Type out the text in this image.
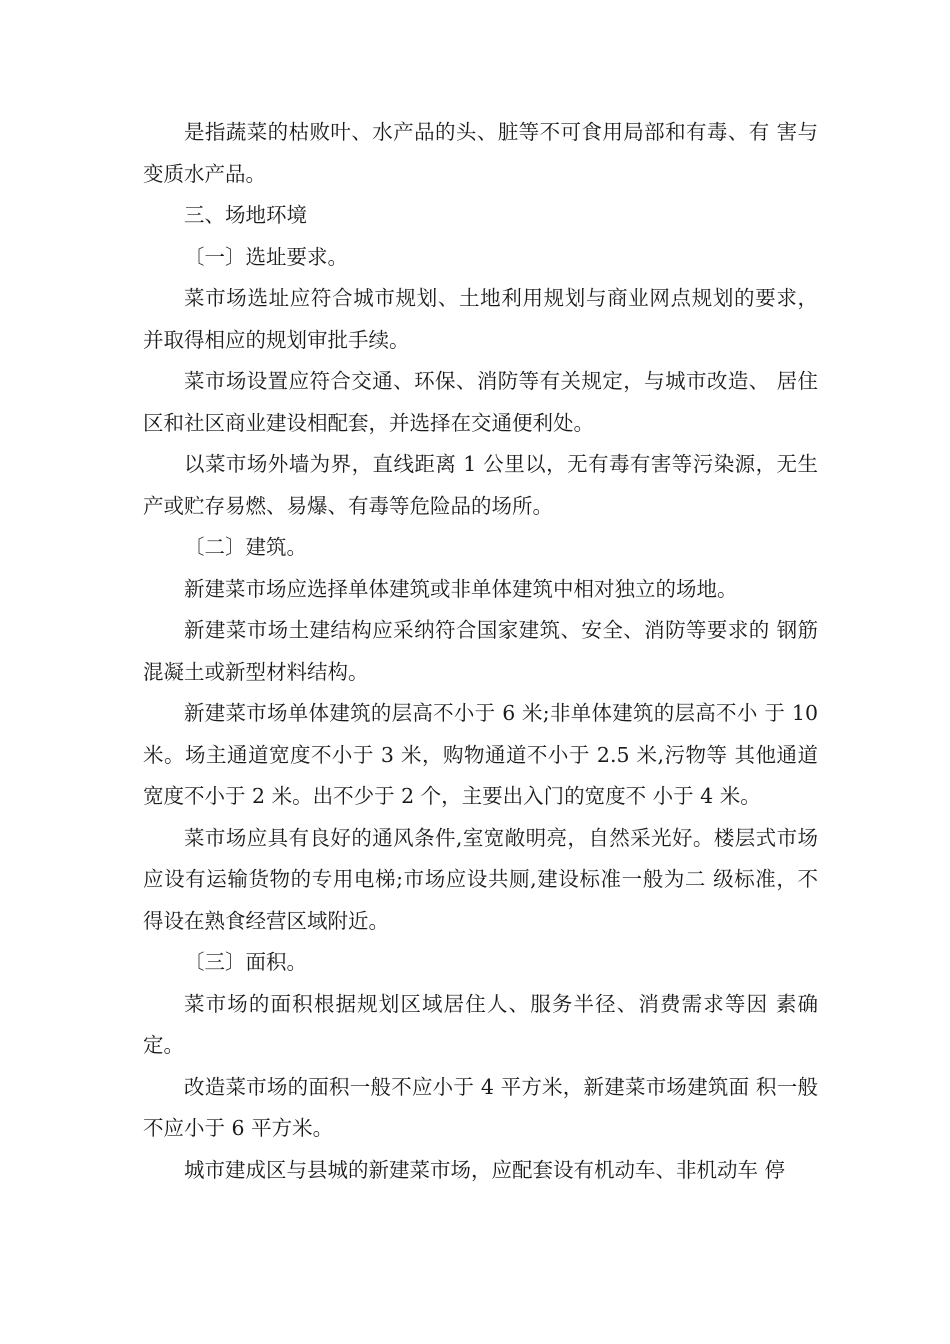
是指蔬菜的枯败叶、水产品的头、脏等不可食用局部和有毒、有 害与变质水产品。

三、场地环境

〔一〕选址要求。

菜市场选址应符合城市规划、土地利用规划与商业网点规划的要求，并取得相应的规划审批手续。

菜市场设置应符合交通、环保、消防等有关规定，与城市改造、 居住区和社区商业建设相配套，并选择在交通便利处。

以菜市场外墙为界，直线距离 1 公里以，无有毒有害等污染源，无生产或贮存易燃、易爆、有毒等危险品的场所。

〔二〕建筑。

新建菜市场应选择单体建筑或非单体建筑中相对独立的场地。

新建菜市场土建结构应采纳符合国家建筑、安全、消防等要求的 钢筋混凝土或新型材料结构。

新建菜市场单体建筑的层高不小于 6 米;非单体建筑的层高不小 于 10 米。场主通道宽度不小于 3 米，购物通道不小于 2.5 米,污物等 其他通道宽度不小于 2 米。出不少于 2 个，主要出入门的宽度不 小于 4 米。

菜市场应具有良好的通风条件,室宽敞明亮，自然采光好。楼层式市场应设有运输货物的专用电梯;市场应设共厕,建设标准一般为二 级标准，不得设在熟食经营区域附近。

〔三〕面积。

菜市场的面积根据规划区域居住人、服务半径、消费需求等因 素确定。

改造菜市场的面积一般不应小于 4 平方米，新建菜市场建筑面 积一般不应小于 6 平方米。

城市建成区与县城的新建菜市场，应配套设有机动车、非机动车 停
